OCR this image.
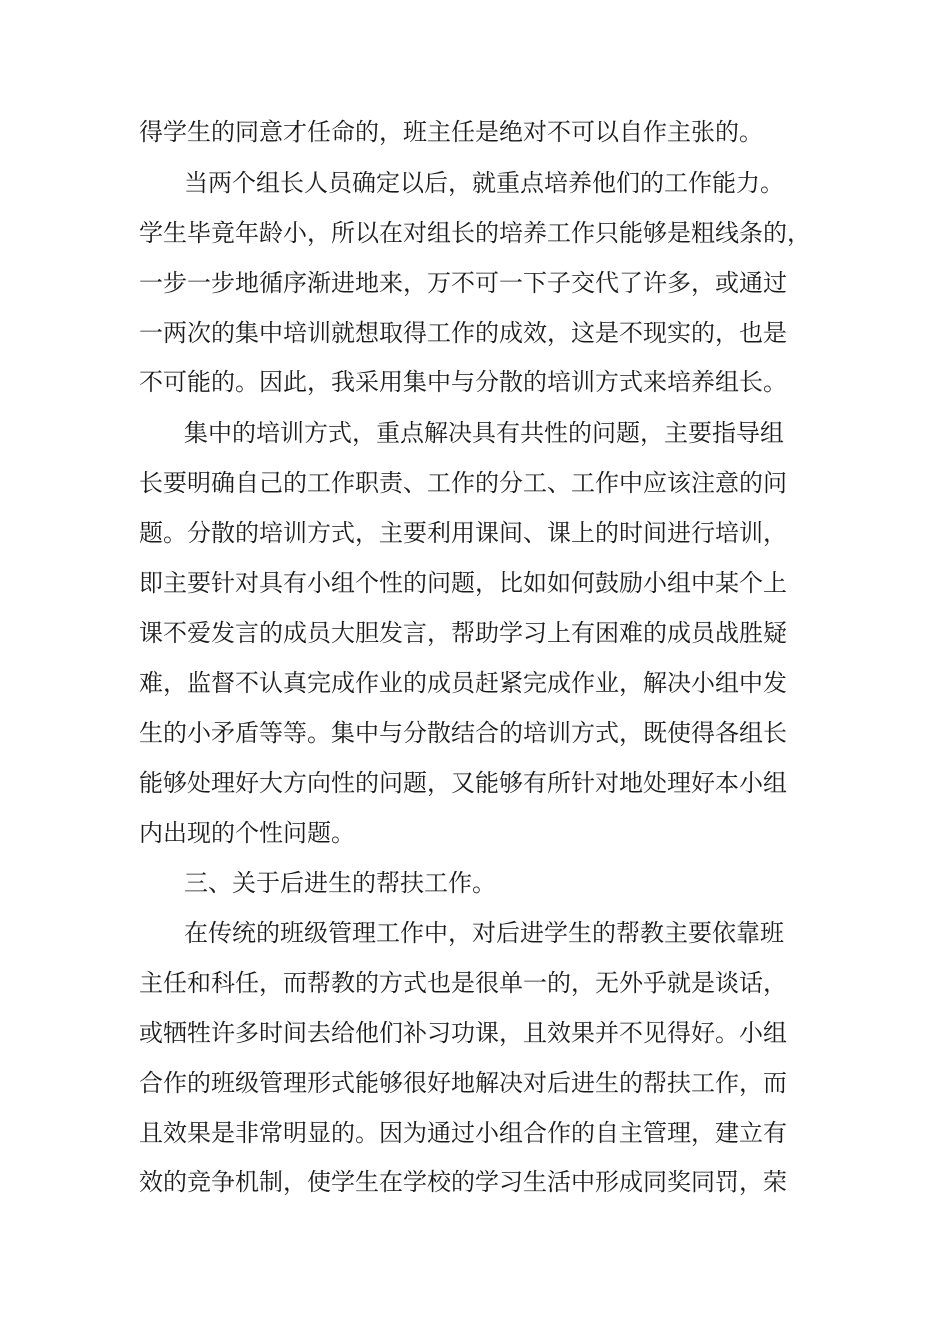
得学生的同意才任命的，班主任是绝对不可以自作主张的。
当两个组长人员确定以后，就重点培养他们的工作能力。
学生毕竟年龄小，所以在对组长的培养工作只能够是粗线条的，
一步一步地循序渐进地来，万不可一下子交代了许多，或通过
一两次的集中培训就想取得工作的成效，这是不现实的，也是
不可能的。因此，我采用集中与分散的培训方式来培养组长。
集中的培训方式，重点解决具有共性的问题，主要指导组
长要明确自己的工作职责、工作的分工、工作中应该注意的问
题。分散的培训方式，主要利用课间、课上的时间进行培训，
即主要针对具有小组个性的问题，比如如何鼓励小组中某个上
课不爱发言的成员大胆发言，帮助学习上有困难的成员战胜疑
难，监督不认真完成作业的成员赶紧完成作业，解决小组中发
生的小矛盾等等。集中与分散结合的培训方式，既使得各组长
能够处理好大方向性的问题，又能够有所针对地处理好本小组
内出现的个性问题。
三、关于后进生的帮扶工作。
在传统的班级管理工作中，对后进学生的帮教主要依靠班
主任和科任，而帮教的方式也是很单一的，无外乎就是谈话，
或牺牲许多时间去给他们补习功课，且效果并不见得好。小组
合作的班级管理形式能够很好地解决对后进生的帮扶工作，而
且效果是非常明显的。因为通过小组合作的自主管理，建立有
效的竞争机制，使学生在学校的学习生活中形成同奖同罚，荣
